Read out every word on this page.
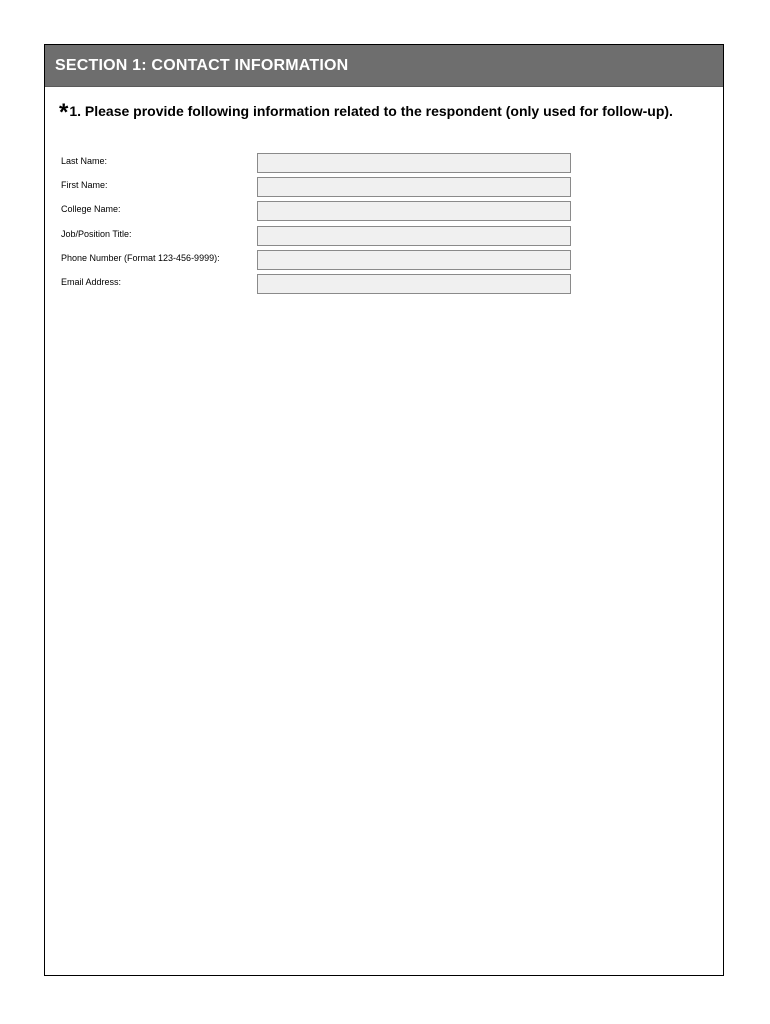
SECTION 1: CONTACT INFORMATION
*1. Please provide following information related to the respondent (only used for follow-up).
Last Name:
First Name:
College Name:
Job/Position Title:
Phone Number (Format 123-456-9999):
Email Address:
